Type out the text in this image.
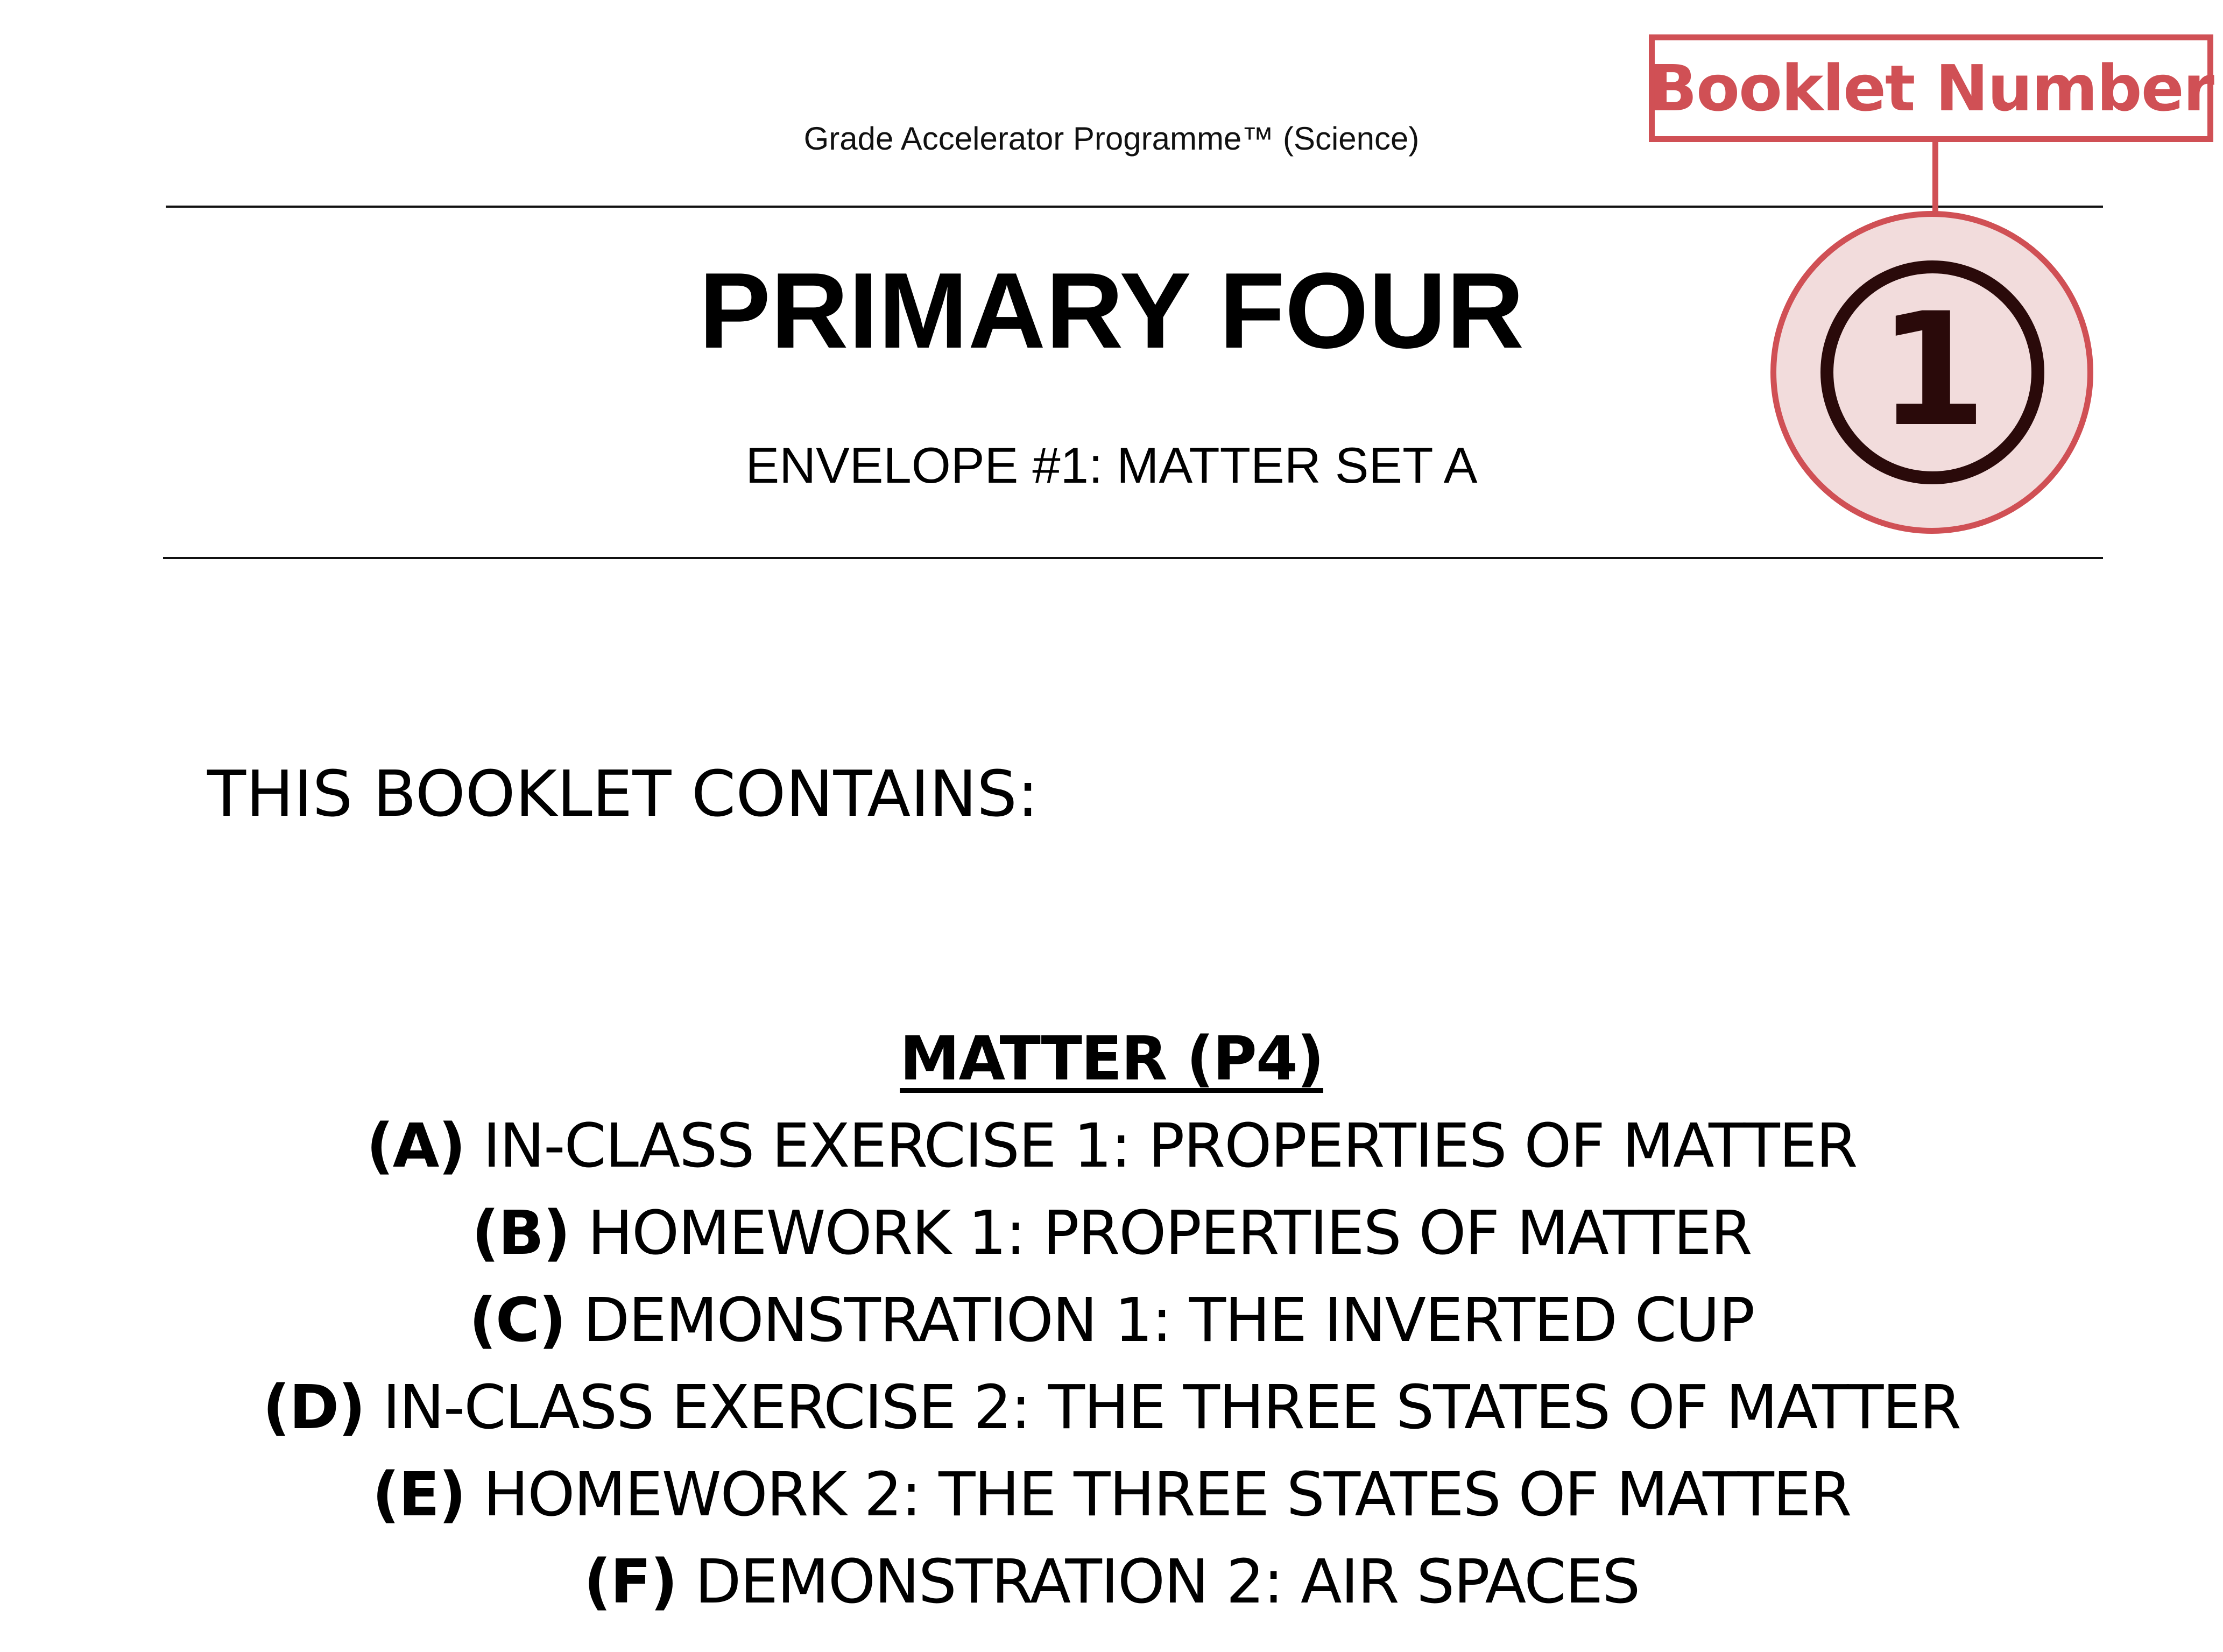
Grade Accelerator Programme™ (Science)
PRIMARY FOUR
ENVELOPE #1: MATTER SET A
Booklet Number
1
THIS BOOKLET CONTAINS:
MATTER (P4)
(A) IN-CLASS EXERCISE 1: PROPERTIES OF MATTER
(B) HOMEWORK 1: PROPERTIES OF MATTER
(C) DEMONSTRATION 1: THE INVERTED CUP
(D) IN-CLASS EXERCISE 2: THE THREE STATES OF MATTER
(E) HOMEWORK 2: THE THREE STATES OF MATTER
(F) DEMONSTRATION 2: AIR SPACES
